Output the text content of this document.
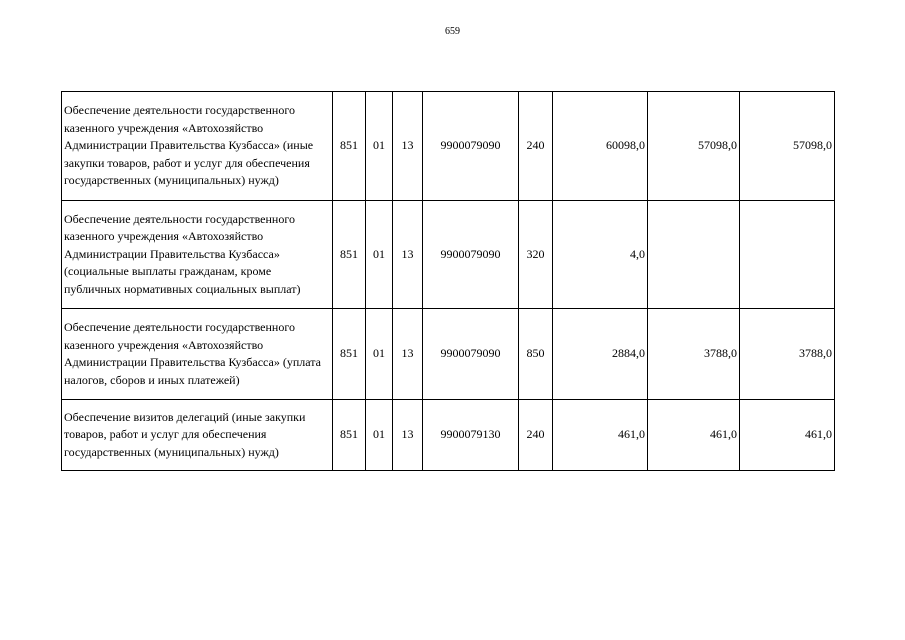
659
Обеспечение деятельности государственного казенного учреждения «Автохозяйство Администрации Правительства Кузбасса» (иные закупки товаров, работ и услуг для обеспечения государственных (муниципальных) нужд)	851	01	13	9900079090	240	60098,0	57098,0	57098,0
Обеспечение деятельности государственного казенного учреждения «Автохозяйство Администрации Правительства Кузбасса» (социальные выплаты гражданам, кроме публичных нормативных социальных выплат)	851	01	13	9900079090	320	4,0		
Обеспечение деятельности государственного казенного учреждения «Автохозяйство Администрации Правительства Кузбасса» (уплата налогов, сборов и иных платежей)	851	01	13	9900079090	850	2884,0	3788,0	3788,0
Обеспечение визитов делегаций (иные закупки товаров, работ и услуг для обеспечения государственных (муниципальных) нужд)	851	01	13	9900079130	240	461,0	461,0	461,0
